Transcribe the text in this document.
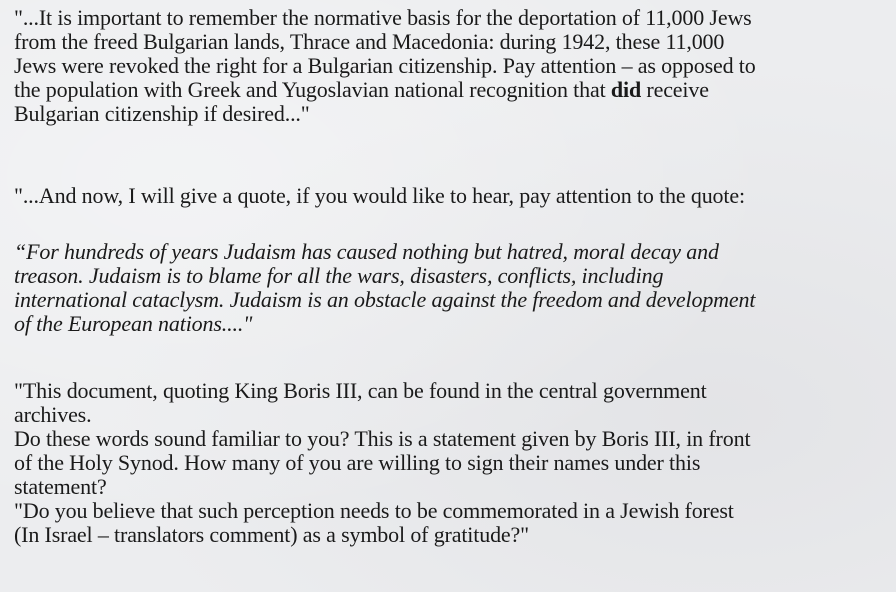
"...It is important to remember the normative basis for the deportation of 11,000 Jews
from the freed Bulgarian lands, Thrace and Macedonia: during 1942, these 11,000
Jews were revoked the right for a Bulgarian citizenship. Pay attention – as opposed to
the population with Greek and Yugoslavian national recognition that did receive
Bulgarian citizenship if desired..."

"...And now, I will give a quote, if you would like to hear, pay attention to the quote:

“For hundreds of years Judaism has caused nothing but hatred, moral decay and
treason. Judaism is to blame for all the wars, disasters, conflicts, including
international cataclysm. Judaism is an obstacle against the freedom and development
of the European nations...."

"This document, quoting King Boris III, can be found in the central government
archives.
Do these words sound familiar to you? This is a statement given by Boris III, in front
of the Holy Synod. How many of you are willing to sign their names under this
statement?
"Do you believe that such perception needs to be commemorated in a Jewish forest
(In Israel – translators comment) as a symbol of gratitude?"
